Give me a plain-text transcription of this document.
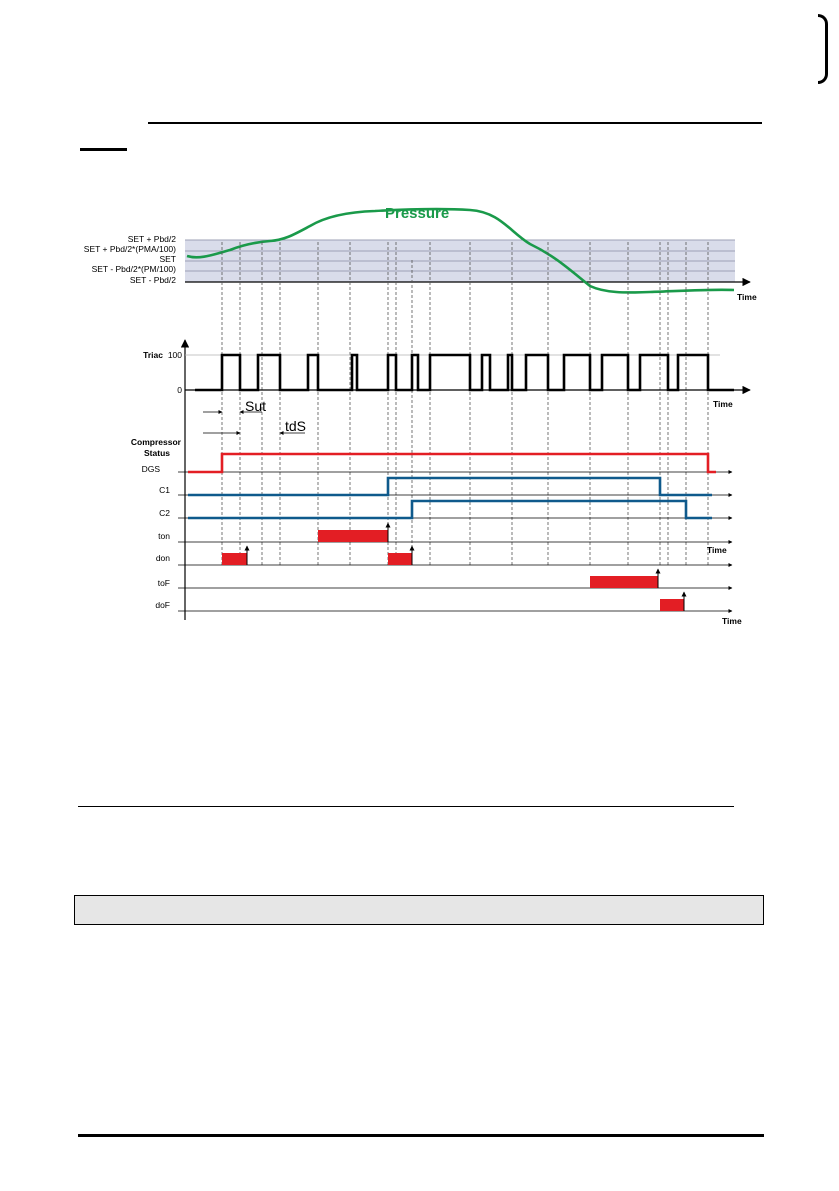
SET + Pbd/2
SET + Pbd/2*(PMA/100)
SET
SET - Pbd/2*(PM/100)
SET - Pbd/2
Time
Pressure
Triac 100
0
Time
Sut
tdS
Compressor
Status
DGS
C1
C2
ton
Time
don
toF
doF
Time
